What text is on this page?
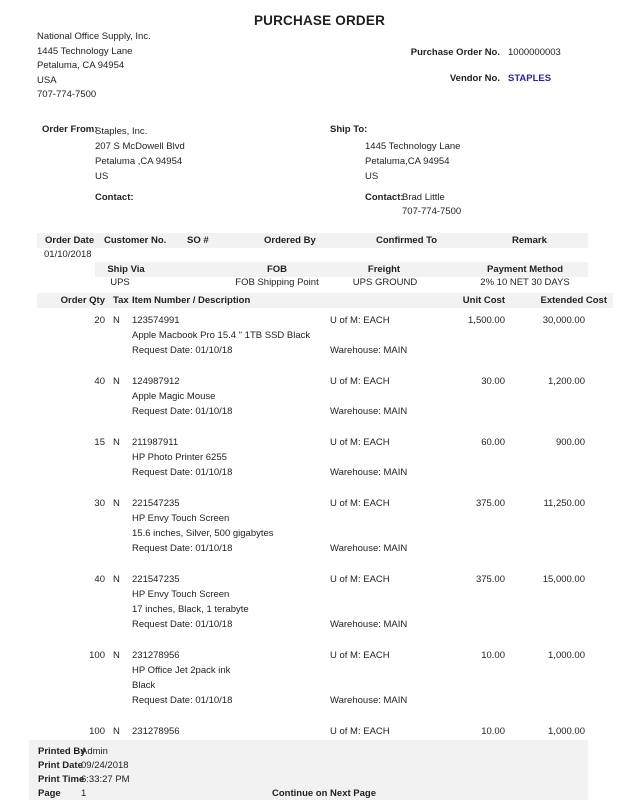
PURCHASE ORDER
National Office Supply, Inc.
1445 Technology Lane
Petaluma, CA 94954
USA
707-774-7500
Purchase Order No. 1000000003
Vendor No. STAPLES
Order From:
Staples, Inc.
207 S McDowell Blvd
Petaluma ,CA 94954
US
Ship To:
1445 Technology Lane
Petaluma,CA 94954
US
Contact:	Contact:
Brad Little
707-774-7500
Order Date Customer No. SO #	Ordered By	Confirmed To	Remark
01/10/2018
Ship Via	FOB	Freight	Payment Method
UPS	FOB Shipping Point	UPS GROUND	2% 10 NET 30 DAYS
Order Qty Tax Item Number / Description	Unit Cost	Extended Cost
20 N 123574991	U of M: EACH	1,500.00	30,000.00
Apple Macbook Pro 15.4 " 1TB SSD Black
Request Date: 01/10/18	Warehouse: MAIN
40 N 124987912	U of M: EACH	30.00	1,200.00
Apple Magic Mouse
Request Date: 01/10/18	Warehouse: MAIN
15 N 211987911	U of M: EACH	60.00	900.00
HP Photo Printer 6255
Request Date: 01/10/18	Warehouse: MAIN
30 N 221547235	U of M: EACH	375.00	11,250.00
HP Envy Touch Screen
15.6 inches, Silver, 500 gigabytes
Request Date: 01/10/18	Warehouse: MAIN
40 N 221547235	U of M: EACH	375.00	15,000.00
HP Envy Touch Screen
17 inches, Black, 1 terabyte
Request Date: 01/10/18	Warehouse: MAIN
100 N 231278956	U of M: EACH	10.00	1,000.00
HP Office Jet 2pack ink
Black
Request Date: 01/10/18	Warehouse: MAIN
100 N 231278956	U of M: EACH	10.00	1,000.00
Printed By
Admin
Print Date
09/24/2018
Print Time
6:33:27 PM
Page 1	Continue on Next Page
